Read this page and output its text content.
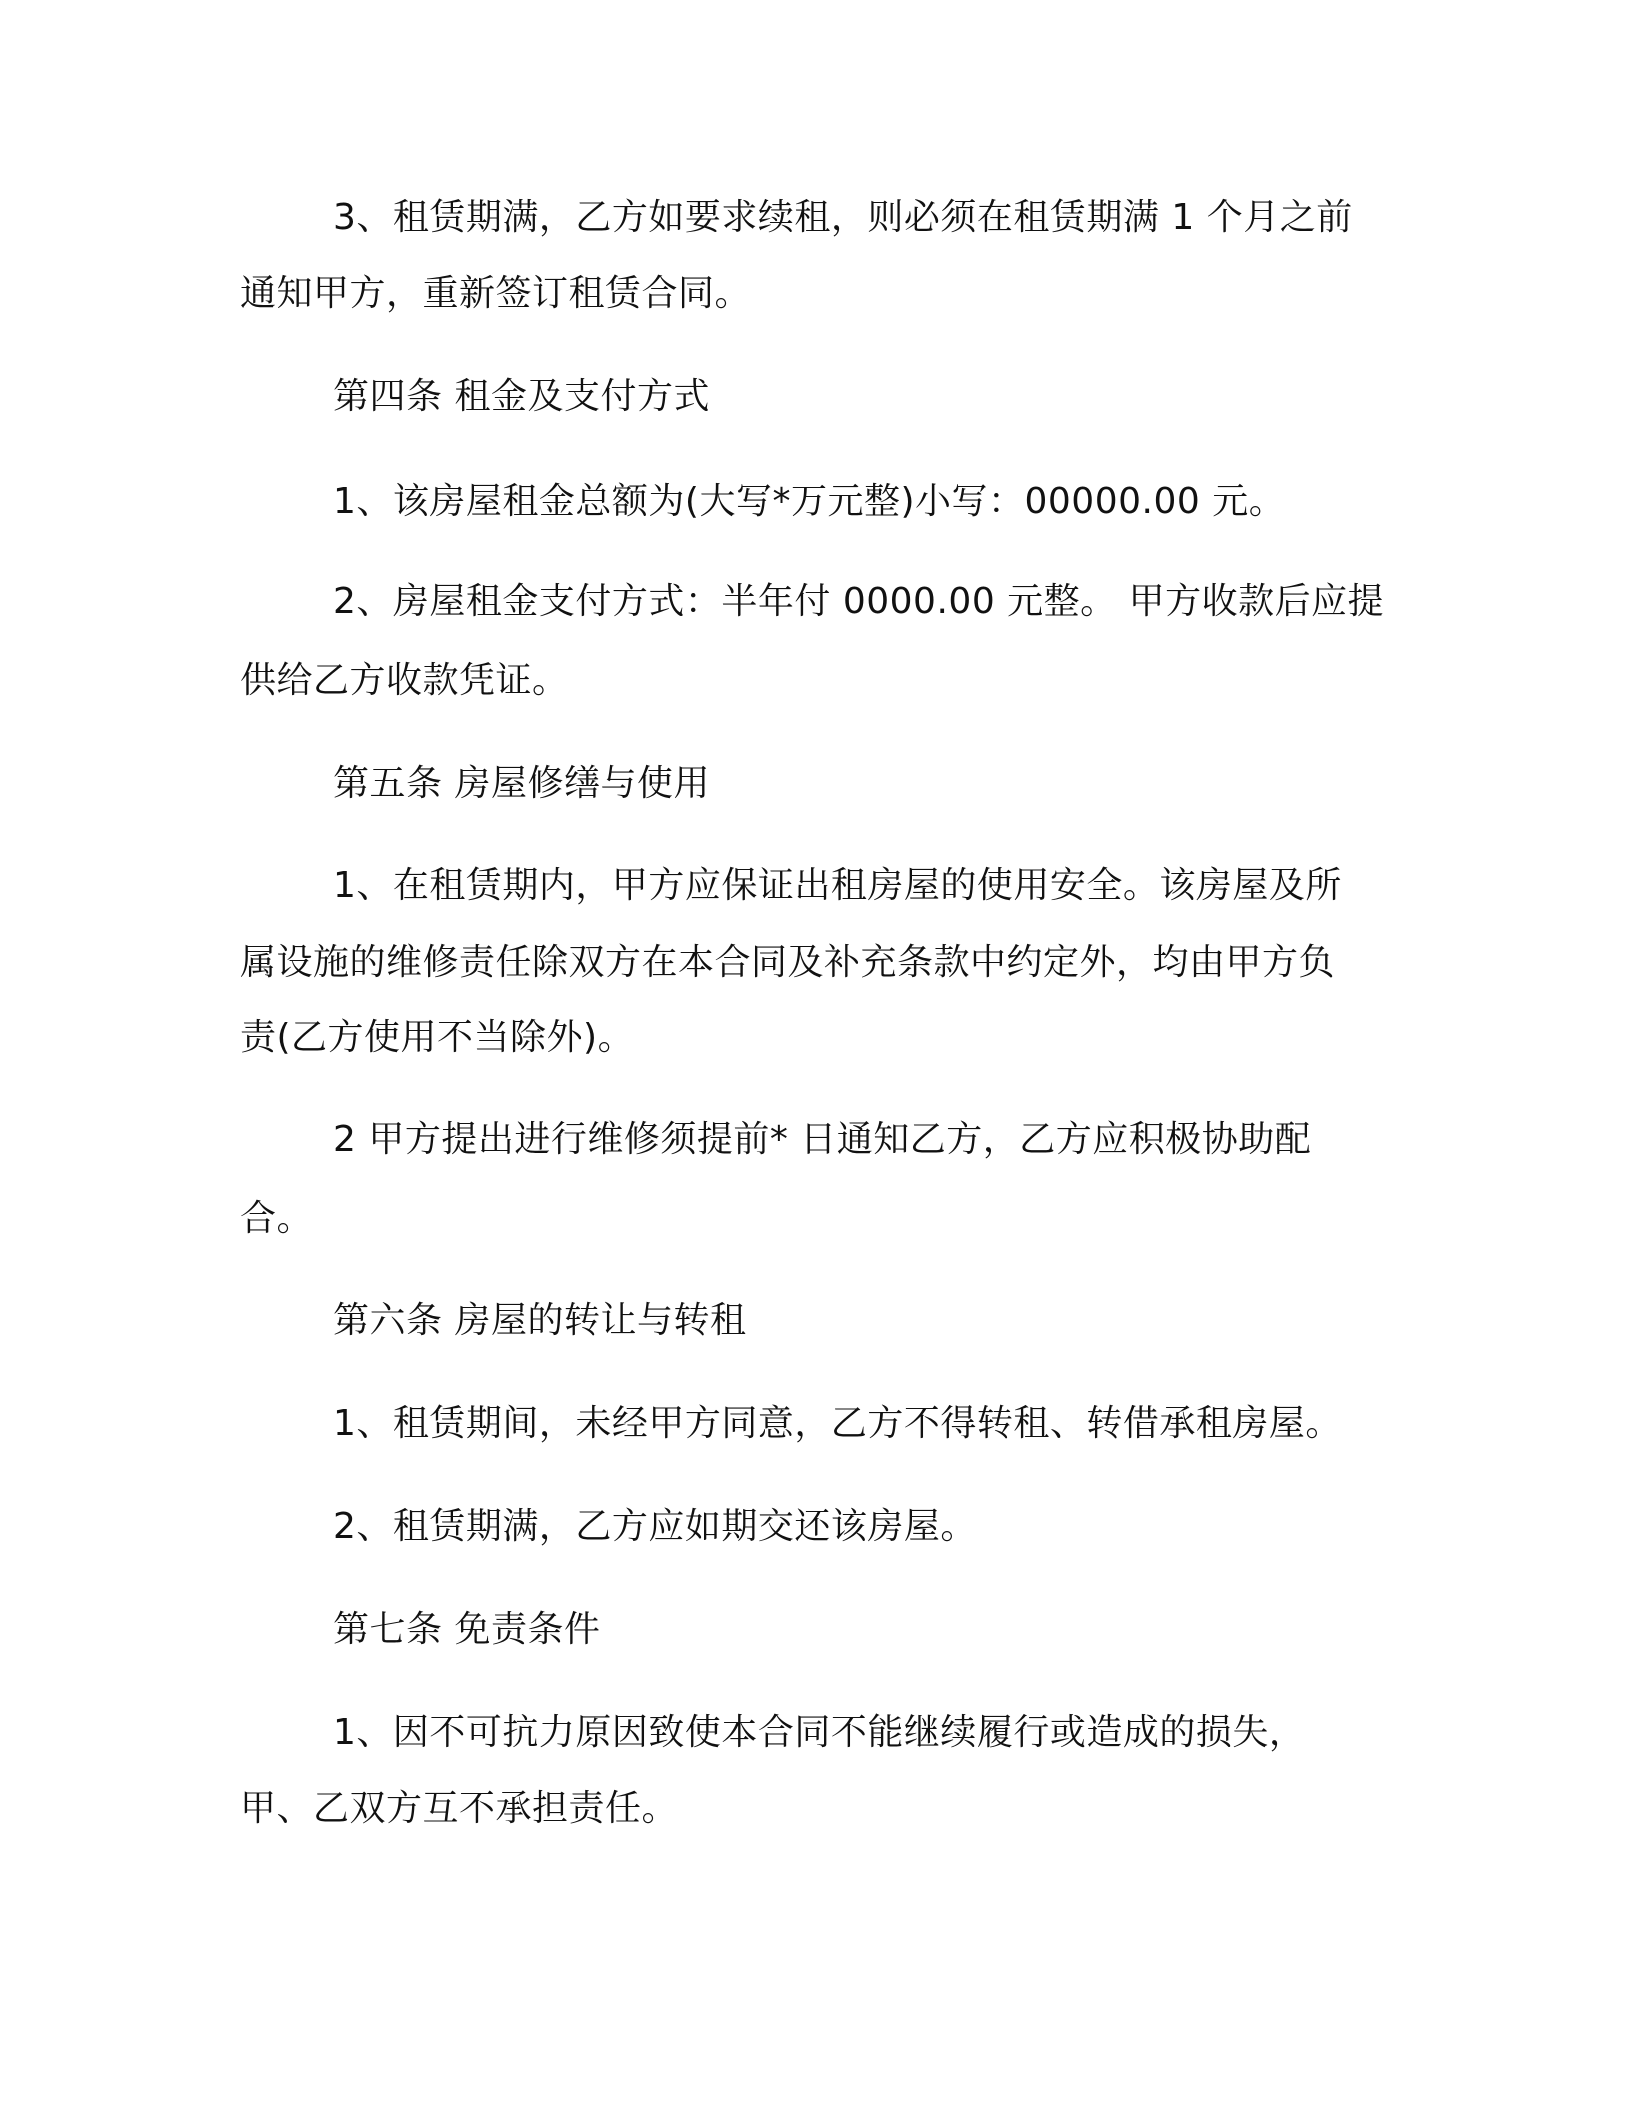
3、租赁期满，乙方如要求续租，则必须在租赁期满 1 个月之前
通知甲方，重新签订租赁合同。
第四条 租金及支付方式
1、该房屋租金总额为(大写*万元整)小写：00000.00 元。
2、房屋租金支付方式：半年付 0000.00 元整。 甲方收款后应提
供给乙方收款凭证。
第五条 房屋修缮与使用
1、在租赁期内，甲方应保证出租房屋的使用安全。该房屋及所
属设施的维修责任除双方在本合同及补充条款中约定外，均由甲方负
责(乙方使用不当除外)。
2 甲方提出进行维修须提前* 日通知乙方，乙方应积极协助配
合。
第六条 房屋的转让与转租
1、租赁期间，未经甲方同意，乙方不得转租、转借承租房屋。
2、租赁期满，乙方应如期交还该房屋。
第七条 免责条件
1、因不可抗力原因致使本合同不能继续履行或造成的损失，
甲、乙双方互不承担责任。
